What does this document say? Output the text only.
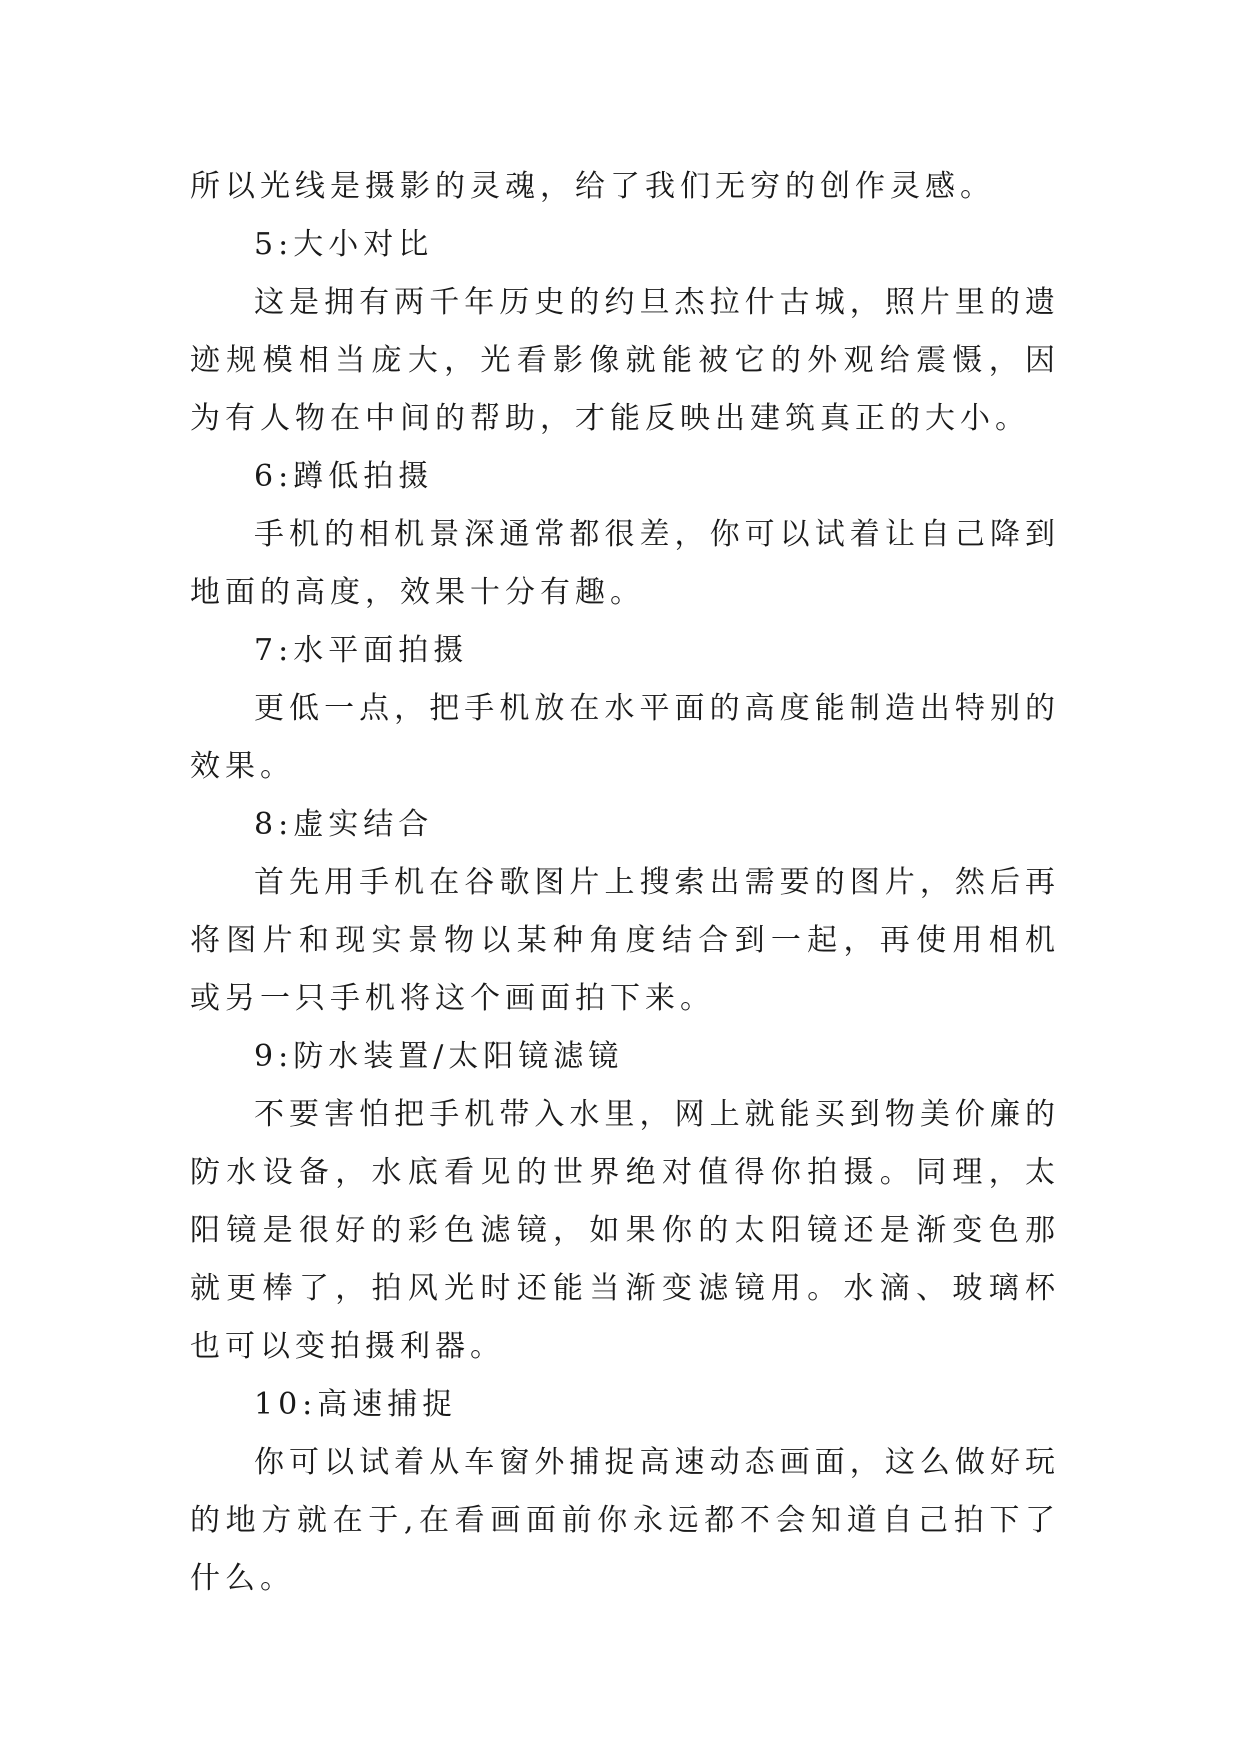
所以光线是摄影的灵魂，给了我们无穷的创作灵感。

5:大小对比

这是拥有两千年历史的约旦杰拉什古城，照片里的遗迹规模相当庞大，光看影像就能被它的外观给震慑，因为有人物在中间的帮助，才能反映出建筑真正的大小。

6:蹲低拍摄

手机的相机景深通常都很差，你可以试着让自己降到地面的高度，效果十分有趣。

7:水平面拍摄

更低一点，把手机放在水平面的高度能制造出特别的效果。

8:虚实结合

首先用手机在谷歌图片上搜索出需要的图片，然后再将图片和现实景物以某种角度结合到一起，再使用相机或另一只手机将这个画面拍下来。

9:防水装置/太阳镜滤镜

不要害怕把手机带入水里，网上就能买到物美价廉的防水设备，水底看见的世界绝对值得你拍摄。同理，太阳镜是很好的彩色滤镜，如果你的太阳镜还是渐变色那就更棒了，拍风光时还能当渐变滤镜用。水滴、玻璃杯也可以变拍摄利器。

10:高速捕捉

你可以试着从车窗外捕捉高速动态画面，这么做好玩的地方就在于,在看画面前你永远都不会知道自己拍下了什么。
